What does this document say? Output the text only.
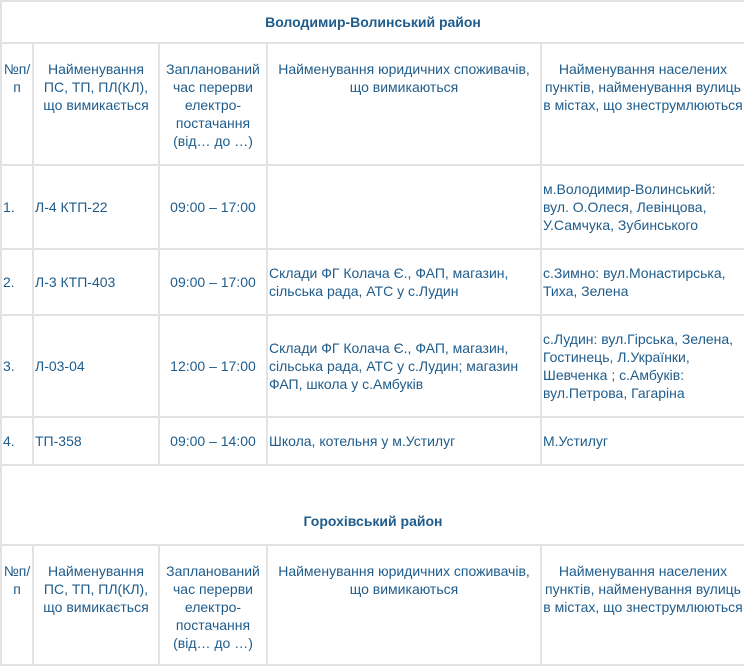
Володимир-Волинський район				
№п/п	Найменування ПС, ТП, ПЛ(КЛ), що вимикається	Запланований час перерви електро-постачання (від… до …)	Найменування юридичних споживачів, що вимикаються	Найменування населених пунктів, найменування вулиць в містах, що знеструмлюються
1.	Л-4 КТП-22	09:00 – 17:00		м.Володимир-Волинський: вул. О.Олеся, Левінцова, У.Самчука, Зубинського
2.	Л-3 КТП-403	09:00 – 17:00	Склади ФГ Колача Є., ФАП, магазин, сільська рада, АТС у с.Лудин	с.Зимно: вул.Монастирська, Тиха, Зелена
3.	Л-03-04	12:00 – 17:00	Склади ФГ Колача Є., ФАП, магазин, сільська рада, АТС у с.Лудин; магазин ФАП, школа у с.Амбуків	с.Лудин: вул.Гірська, Зелена, Гостинець, Л.Українки, Шевченка ; с.Амбуків: вул.Петрова, Гагаріна
4.	ТП-358	09:00 – 14:00	Школа, котельня у м.Устилуг	М.Устилуг
Горохівський район				
№п/п	Найменування ПС, ТП, ПЛ(КЛ), що вимикається	Запланований час перерви електро-постачання (від… до …)	Найменування юридичних споживачів, що вимикаються	Найменування населених пунктів, найменування вулиць в містах, що знеструмлюються
